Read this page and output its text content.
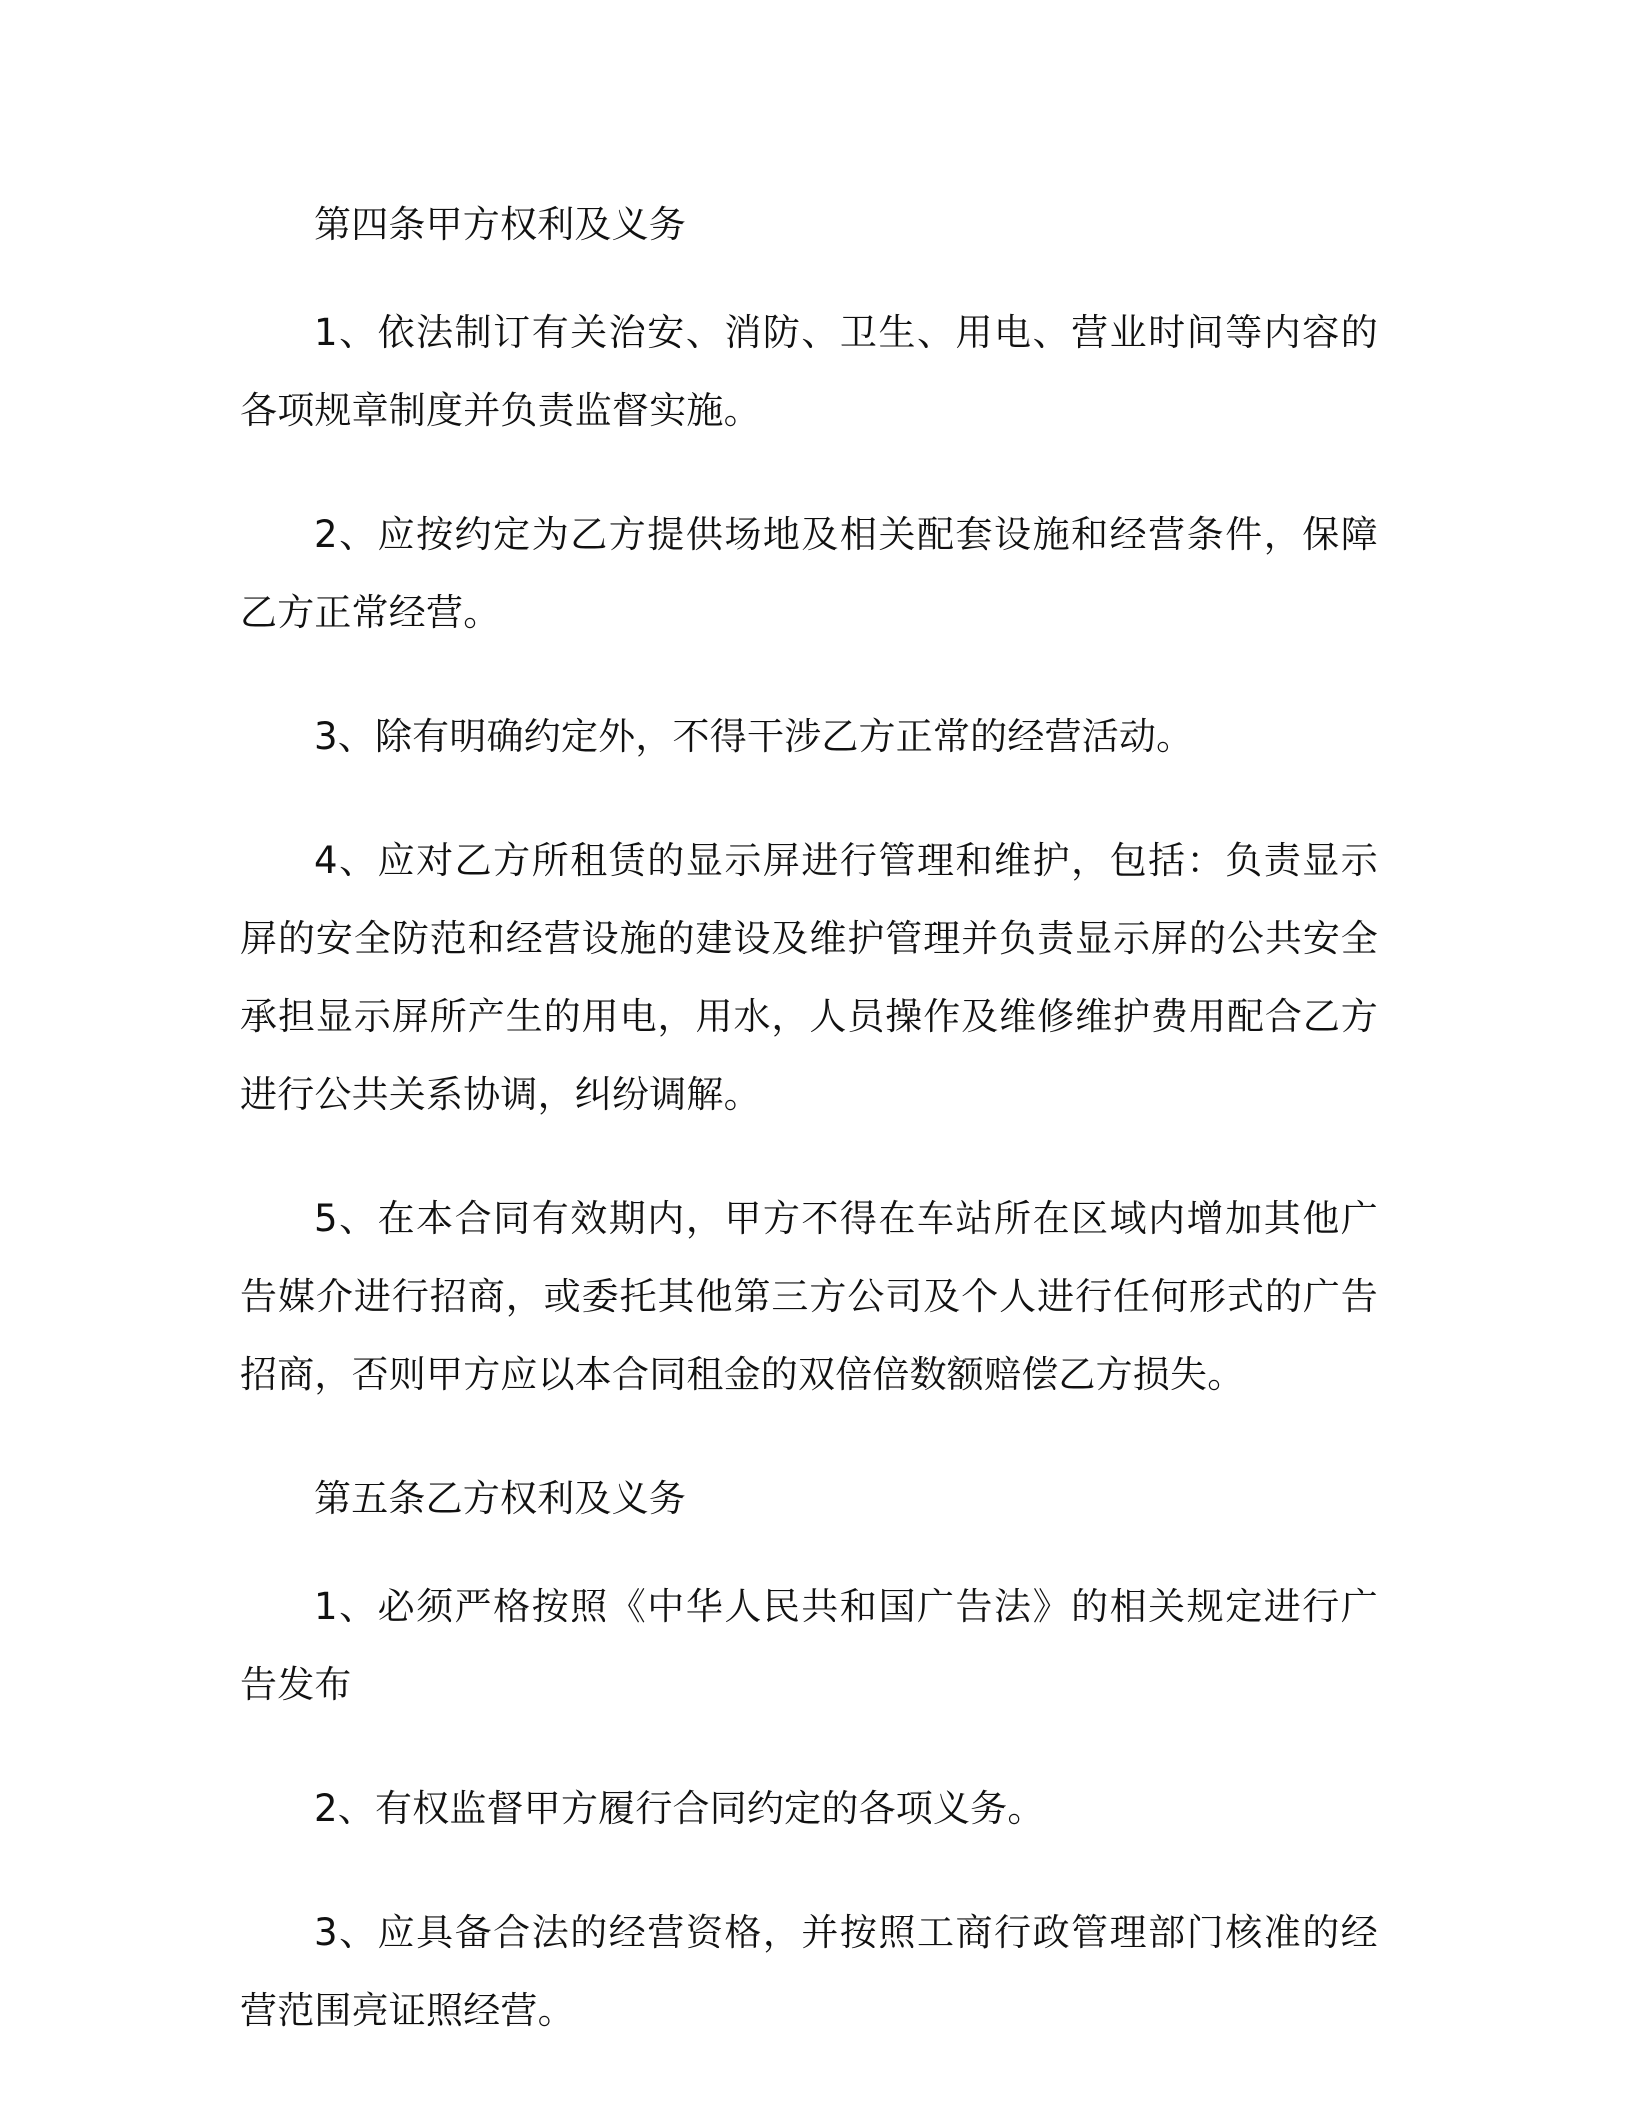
第四条甲方权利及义务

1、依法制订有关治安、消防、卫生、用电、营业时间等内容的各项规章制度并负责监督实施。

2、应按约定为乙方提供场地及相关配套设施和经营条件，保障乙方正常经营。

3、除有明确约定外，不得干涉乙方正常的经营活动。

4、应对乙方所租赁的显示屏进行管理和维护，包括：负责显示屏的安全防范和经营设施的建设及维护管理并负责显示屏的公共安全承担显示屏所产生的用电，用水，人员操作及维修维护费用配合乙方进行公共关系协调，纠纷调解。

5、在本合同有效期内，甲方不得在车站所在区域内增加其他广告媒介进行招商，或委托其他第三方公司及个人进行任何形式的广告招商，否则甲方应以本合同租金的双倍倍数额赔偿乙方损失。

第五条乙方权利及义务

1、必须严格按照《中华人民共和国广告法》的相关规定进行广告发布

2、有权监督甲方履行合同约定的各项义务。

3、应具备合法的经营资格，并按照工商行政管理部门核准的经营范围亮证照经营。
